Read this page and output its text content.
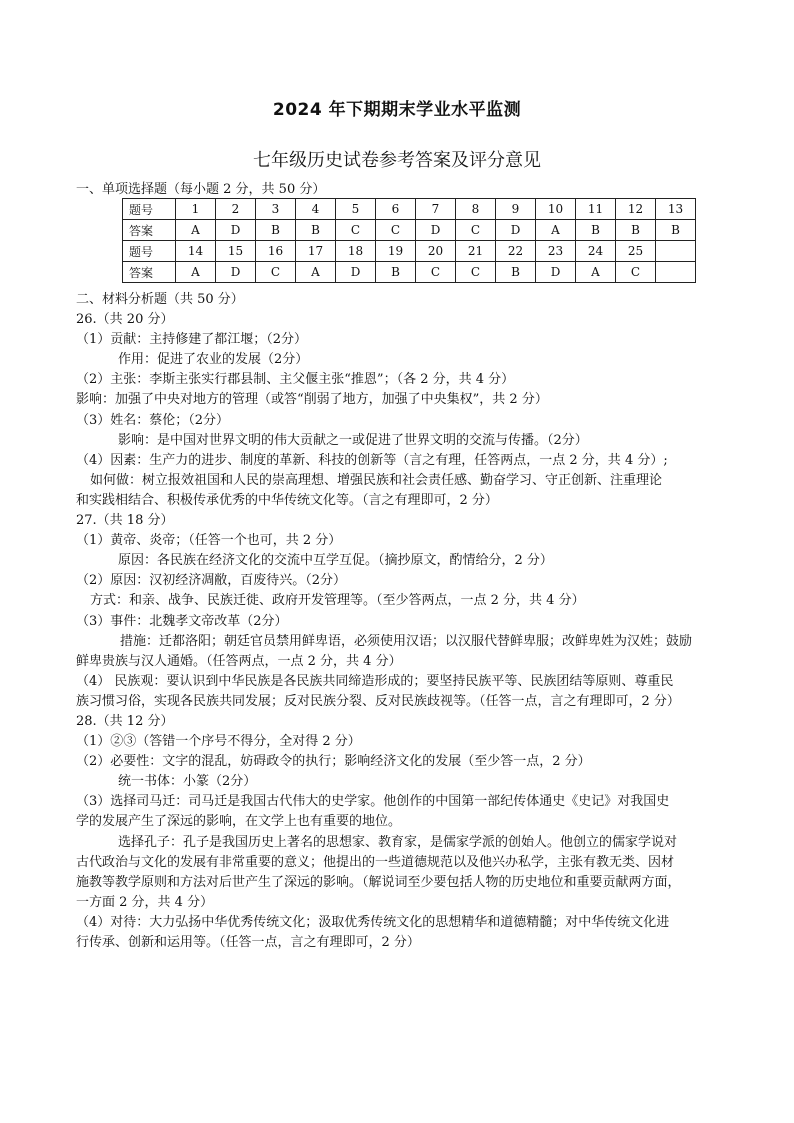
2024 年下期期末学业水平监测
七年级历史试卷参考答案及评分意见
一、单项选择题（每小题 2 分，共 50 分）
题号	1	2	3	4	5	6	7	8	9	10	11	12	13
答案	A	D	B	B	C	C	D	C	D	A	B	B	B
题号	14	15	16	17	18	19	20	21	22	23	24	25	
答案	A	D	C	A	D	B	C	C	B	D	A	C	
二、材料分析题（共 50 分）
26.（共 20 分）
（1）贡献：主持修建了都江堰；（2分）
作用：促进了农业的发展（2分）
（2）主张：李斯主张实行郡县制、主父偃主张“推恩”；（各 2 分，共 4 分）
影响：加强了中央对地方的管理（或答“削弱了地方，加强了中央集权”，共 2 分）
（3）姓名：蔡伦；（2分）
影响：是中国对世界文明的伟大贡献之一或促进了世界文明的交流与传播。（2分）
（4）因素：生产力的进步、制度的革新、科技的创新等（言之有理，任答两点，一点 2 分，共 4 分）;
如何做：树立报效祖国和人民的崇高理想、增强民族和社会责任感、勤奋学习、守正创新、注重理论
和实践相结合、积极传承优秀的中华传统文化等。（言之有理即可，2 分）
27.（共 18 分）
（1）黄帝、炎帝；（任答一个也可，共 2 分）
原因：各民族在经济文化的交流中互学互促。（摘抄原文，酌情给分，2 分）
（2）原因：汉初经济凋敝，百废待兴。（2分）
方式：和亲、战争、民族迁徙、政府开发管理等。（至少答两点，一点 2 分，共 4 分）
（3）事件：北魏孝文帝改革（2分）
措施：迁都洛阳；朝廷官员禁用鲜卑语，必须使用汉语；以汉服代替鲜卑服；改鲜卑姓为汉姓；鼓励
鲜卑贵族与汉人通婚。（任答两点，一点 2 分，共 4 分）
（4） 民族观：要认识到中华民族是各民族共同缔造形成的；要坚持民族平等、民族团结等原则、尊重民
族习惯习俗，实现各民族共同发展；反对民族分裂、反对民族歧视等。（任答一点，言之有理即可，2 分）
28.（共 12 分）
（1）②③（答错一个序号不得分，全对得 2 分）
（2）必要性：文字的混乱，妨碍政令的执行；影响经济文化的发展（至少答一点，2 分）
统一书体：小篆（2分）
（3）选择司马迁：司马迁是我国古代伟大的史学家。他创作的中国第一部纪传体通史《史记》对我国史
学的发展产生了深远的影响，在文学上也有重要的地位。
选择孔子：孔子是我国历史上著名的思想家、教育家，是儒家学派的创始人。他创立的儒家学说对
古代政治与文化的发展有非常重要的意义；他提出的一些道德规范以及他兴办私学，主张有教无类、因材
施教等教学原则和方法对后世产生了深远的影响。（解说词至少要包括人物的历史地位和重要贡献两方面，
一方面 2 分，共 4 分）
（4）对待：大力弘扬中华优秀传统文化；汲取优秀传统文化的思想精华和道德精髓；对中华传统文化进
行传承、创新和运用等。（任答一点，言之有理即可，2 分）
